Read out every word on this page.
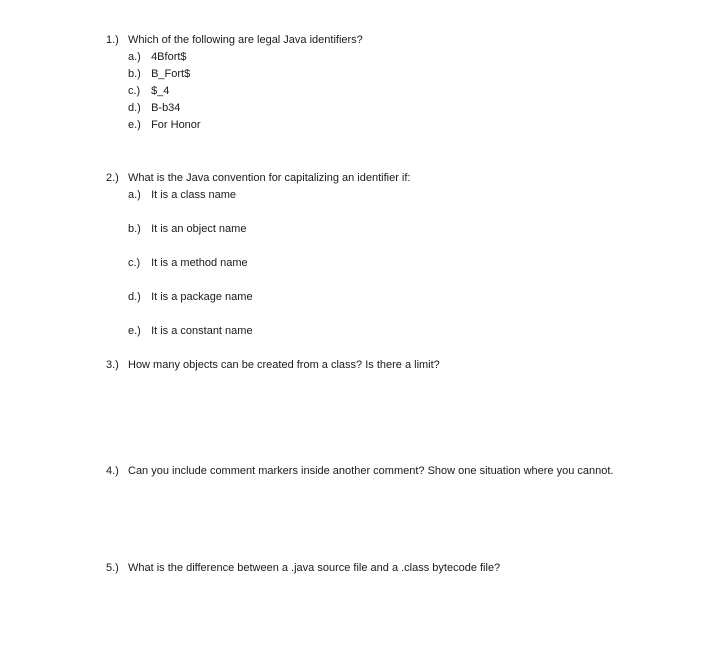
1.) Which of the following are legal Java identifiers?
a.) 4Bfort$
b.) B_Fort$
c.) $_4
d.) B-b34
e.) For Honor
2.) What is the Java convention for capitalizing an identifier if:
a.) It is a class name
b.) It is an object name
c.) It is a method name
d.) It is a package name
e.) It is a constant name
3.) How many objects can be created from a class? Is there a limit?
4.) Can you include comment markers inside another comment? Show one situation where you cannot.
5.) What is the difference between a .java source file and a .class bytecode file?
